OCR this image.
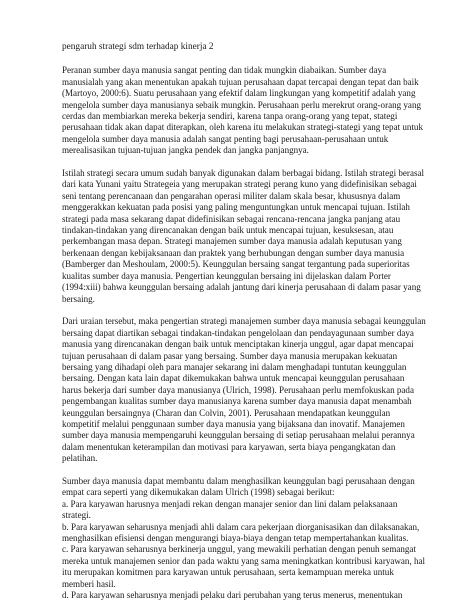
pengaruh strategi sdm terhadap kinerja 2
Peranan sumber daya manusia sangat penting dan tidak mungkin diabaikan. Sumber daya
manusialah yang akan menentukan apakah tujuan perusahaan dapat tercapai dengan tepat dan baik
(Martoyo, 2000:6). Suatu perusahaan yang efektif dalam lingkungan yang kompetitif adalah yang
mengelola sumber daya manusianya sebaik mungkin. Perusahaan perlu merekrut orang-orang yang
cerdas dan membiarkan mereka bekerja sendiri, karena tanpa orang-orang yang tepat, stategi
perusahaan tidak akan dapat diterapkan, oleh karena itu melakukan strategi-stategi yang tepat untuk
mengelola sumber daya manusia adalah sangat penting bagi perusahaan-perusahaan untuk
merealisasikan tujuan-tujuan jangka pendek dan jangka panjangnya.
Istilah strategi secara umum sudah banyak digunakan dalam berbagai bidang. Istilah strategi berasal
dari kata Yunani yaitu Strategeia yang merupakan strategi perang kuno yang didefinisikan sebagai
seni tentang perencanaan dan pengarahan operasi militer dalam skala besar, khususnya dalam
menggerakkan kekuatan pada posisi yang paling menguntungkan untuk mencapai tujuan. Istilah
strategi pada masa sekarang dapat didefinisikan sebagai rencana-rencana jangka panjang atau
tindakan-tindakan yang direncanakan dengan baik untuk mencapai tujuan, kesuksesan, atau
perkembangan masa depan. Strategi manajemen sumber daya manusia adalah keputusan yang
berkenaan dengan kebijaksanaan dan praktek yang berhubungan dengan sumber daya manusia
(Bamberger dan Meshoulam, 2000:5). Keunggulan bersaing sangat tergantung pada superioritas
kualitas sumber daya manusia. Pengertian keunggulan bersaing ini dijelaskan dalam Porter
(1994:xiii) bahwa keunggulan bersaing adalah jantung dari kinerja perusahaan di dalam pasar yang
bersaing.
Dari uraian tersebut, maka pengertian strategi manajemen sumber daya manusia sebagai keunggulan
bersaing dapat diartikan sebagai tindakan-tindakan pengelolaan dan pendayagunaan sumber daya
manusia yang direncanakan dengan baik untuk menciptakan kinerja unggul, agar dapat mencapai
tujuan perusahaan di dalam pasar yang bersaing. Sumber daya manusia merupakan kekuatan
bersaing yang dihadapi oleh para manajer sekarang ini dalam menghadapi tuntutan keunggulan
bersaing. Dengan kata lain dapat dikemukakan bahwa untuk mencapai keunggulan perusahaan
harus bekerja dari sumber daya manusianya (Ulrich, 1998). Perusahaan perlu memfokuskan pada
pengembangan kualitas sumber daya manusianya karena sumber daya manusia dapat menambah
keunggulan bersaingnya (Charan dan Colvin, 2001). Perusahaan mendapatkan keunggulan
kompetitif melalui penggunaan sumber daya manusia yang bijaksana dan inovatif. Manajemen
sumber daya manusia mempengaruhi keunggulan bersaing di setiap perusahaan melalui perannya
dalam menentukan keterampilan dan motivasi para karyawan, serta biaya pengangkatan dan
pelatihan.
Sumber daya manusia dapat membantu dalam menghasilkan keunggulan bagi perusahaan dengan
empat cara seperti yang dikemukakan dalam Ulrich (1998) sebagai berikut:
a. Para karyawan harusnya menjadi rekan dengan manajer senior dan lini dalam pelaksanaan
strategi.
b. Para karyawan seharusnya menjadi ahli dalam cara pekerjaan diorganisasikan dan dilaksanakan,
menghasilkan efisiensi dengan mengurangi biaya-biaya dengan tetap mempertahankan kualitas.
c. Para karyawan seharusnya berkinerja unggul, yang mewakili perhatian dengan penuh semangat
mereka untuk manajemen senior dan pada waktu yang sama meningkatkan kontribusi karyawan, hal
itu merupakan komitmen para karyawan untuk perusahaan, serta kemampuan mereka untuk
memberi hasil.
d. Para karyawan seharusnya menjadi pelaku dari perubahan yang terus menerus, menentukan
